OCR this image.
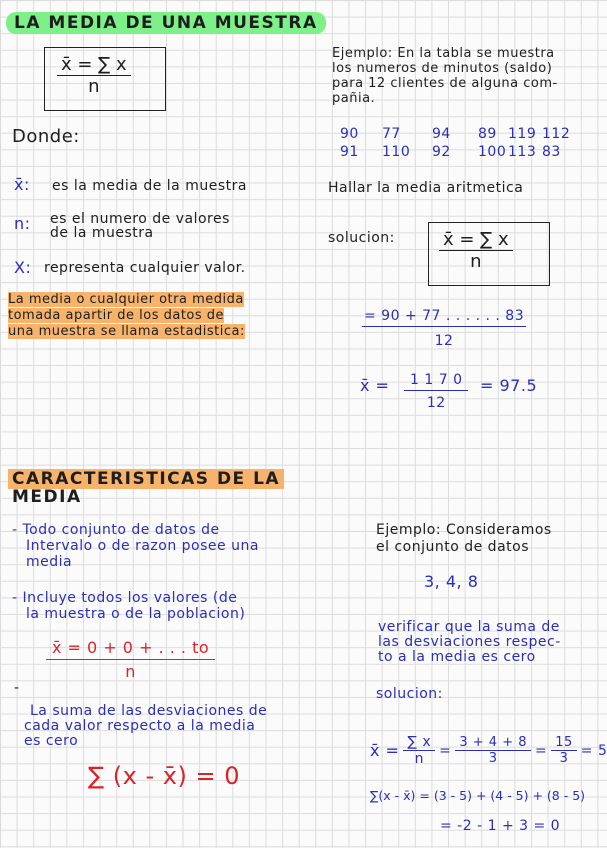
LA MEDIA DE UNA MUESTRA
$\frac{x̄ = \sum x}{n}$
Donde:
x̄: es la media de la muestra
n: es el numero de valores
de la muestra
X: representa cualquier valor.
La media o cualquier otra medida
tomada apartir de los datos de
una muestra se llama estadistica:
Ejemplo: En la tabla se muestra
los numeros de minutos (saldo)
para 12 clientes de alguna com-
pañia.
90	77	94	89 119 112
91	110	92	100 113 83
Hallar la media aritmetica
solucion: $\frac{x̄ = \sum x}{n}$
$\frac{= 90 + 77 . . . . . . 83}{12}$
x̄ = $\frac{1 1 7 0}{12} = 97.5$
CARACTERISTICAS DE LA
MEDIA
- Todo conjunto de datos de
Intervalo o de razon posee una
media
- Incluye todos los valores (de
la muestra o de la poblacion)
$\frac{x̄ = 0 + 0 + . . . to}{n}$
-
La suma de las desviaciones de
cada valor respecto a la media
es cero
∑ (x - x̄) = 0
Ejemplo: Consideramos
el conjunto de datos
3, 4, 8
verificar que la suma de
las desviaciones respec-
to a la media es cero
solucion:
x̄ = $\frac{\sum x}{n} = \frac{3 + 4 + 8}{3} = \frac{15}{3} = 5$
∑(x - x̄) = (3 - 5) + (4 - 5) + (8 - 5)
= -2 - 1 + 3 = 0
